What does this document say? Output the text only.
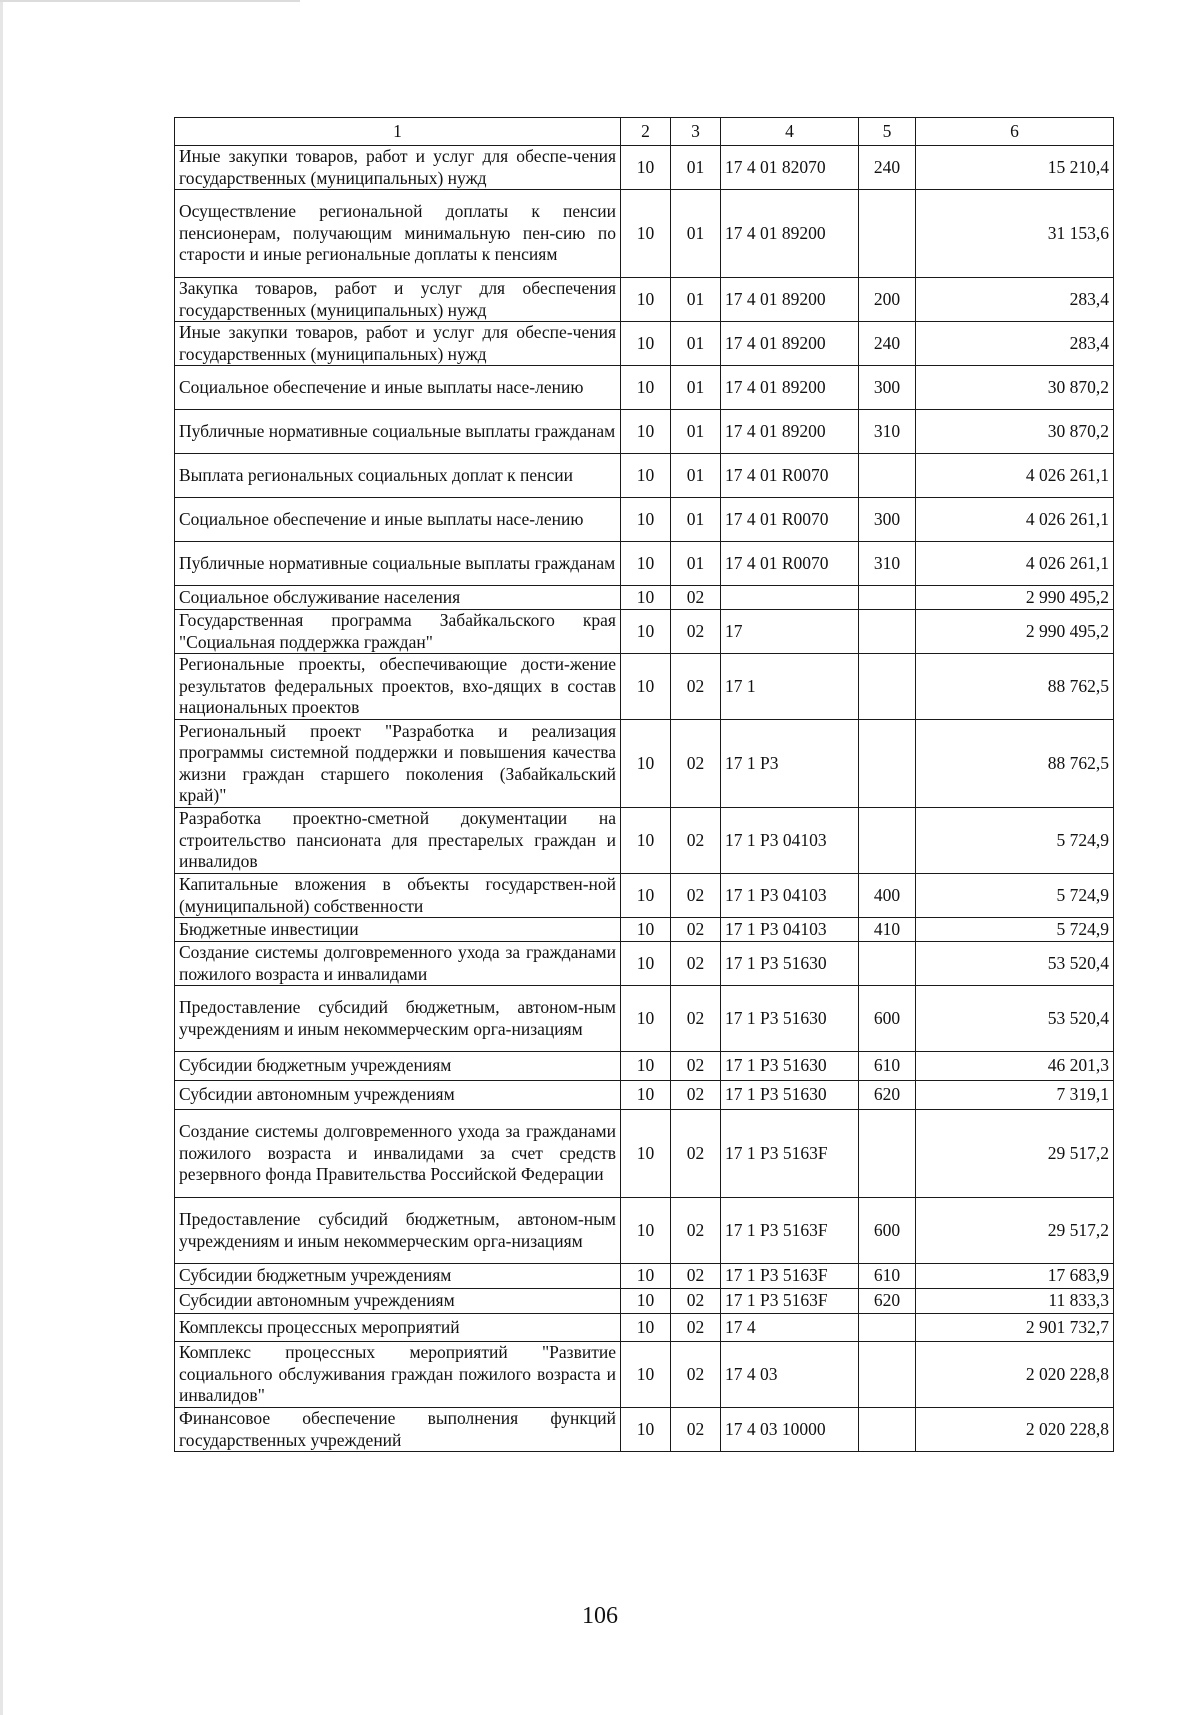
1	2	3	4	5	6
Иные закупки товаров, работ и услуг для обеспе-чения государственных (муниципальных) нужд	10	01	17 4 01 82070	240	15 210,4
Осуществление региональной доплаты к пенсии пенсионерам, получающим минимальную пен-сию по старости и иные региональные доплаты к пенсиям	10	01	17 4 01 89200		31 153,6
Закупка товаров, работ и услуг для обеспечения государственных (муниципальных) нужд	10	01	17 4 01 89200	200	283,4
Иные закупки товаров, работ и услуг для обеспе-чения государственных (муниципальных) нужд	10	01	17 4 01 89200	240	283,4
Социальное обеспечение и иные выплаты насе-лению	10	01	17 4 01 89200	300	30 870,2
Публичные нормативные социальные выплаты гражданам	10	01	17 4 01 89200	310	30 870,2
Выплата региональных социальных доплат к пенсии	10	01	17 4 01 R0070		4 026 261,1
Социальное обеспечение и иные выплаты насе-лению	10	01	17 4 01 R0070	300	4 026 261,1
Публичные нормативные социальные выплаты гражданам	10	01	17 4 01 R0070	310	4 026 261,1
Социальное обслуживание населения	10	02			2 990 495,2
Государственная программа Забайкальского края "Социальная поддержка граждан"	10	02	17		2 990 495,2
Региональные проекты, обеспечивающие дости-жение результатов федеральных проектов, вхо-дящих в состав национальных проектов	10	02	17 1		88 762,5
Региональный проект "Разработка и реализация программы системной поддержки и повышения качества жизни граждан старшего поколения (Забайкальский край)"	10	02	17 1 P3		88 762,5
Разработка проектно-сметной документации на строительство пансионата для престарелых граждан и инвалидов	10	02	17 1 P3 04103		5 724,9
Капитальные вложения в объекты государствен-ной (муниципальной) собственности	10	02	17 1 P3 04103	400	5 724,9
Бюджетные инвестиции	10	02	17 1 P3 04103	410	5 724,9
Создание системы долговременного ухода за гражданами пожилого возраста и инвалидами	10	02	17 1 P3 51630		53 520,4
Предоставление субсидий бюджетным, автоном-ным учреждениям и иным некоммерческим орга-низациям	10	02	17 1 P3 51630	600	53 520,4
Субсидии бюджетным учреждениям	10	02	17 1 P3 51630	610	46 201,3
Субсидии автономным учреждениям	10	02	17 1 P3 51630	620	7 319,1
Создание системы долговременного ухода за гражданами пожилого возраста и инвалидами за счет средств резервного фонда Правительства Российской Федерации	10	02	17 1 P3 5163F		29 517,2
Предоставление субсидий бюджетным, автоном-ным учреждениям и иным некоммерческим орга-низациям	10	02	17 1 P3 5163F	600	29 517,2
Субсидии бюджетным учреждениям	10	02	17 1 P3 5163F	610	17 683,9
Субсидии автономным учреждениям	10	02	17 1 P3 5163F	620	11 833,3
Комплексы процессных мероприятий	10	02	17 4		2 901 732,7
Комплекс процессных мероприятий "Развитие социального обслуживания граждан пожилого возраста и инвалидов"	10	02	17 4 03		2 020 228,8
Финансовое обеспечение выполнения функций государственных учреждений	10	02	17 4 03 10000		2 020 228,8
106
